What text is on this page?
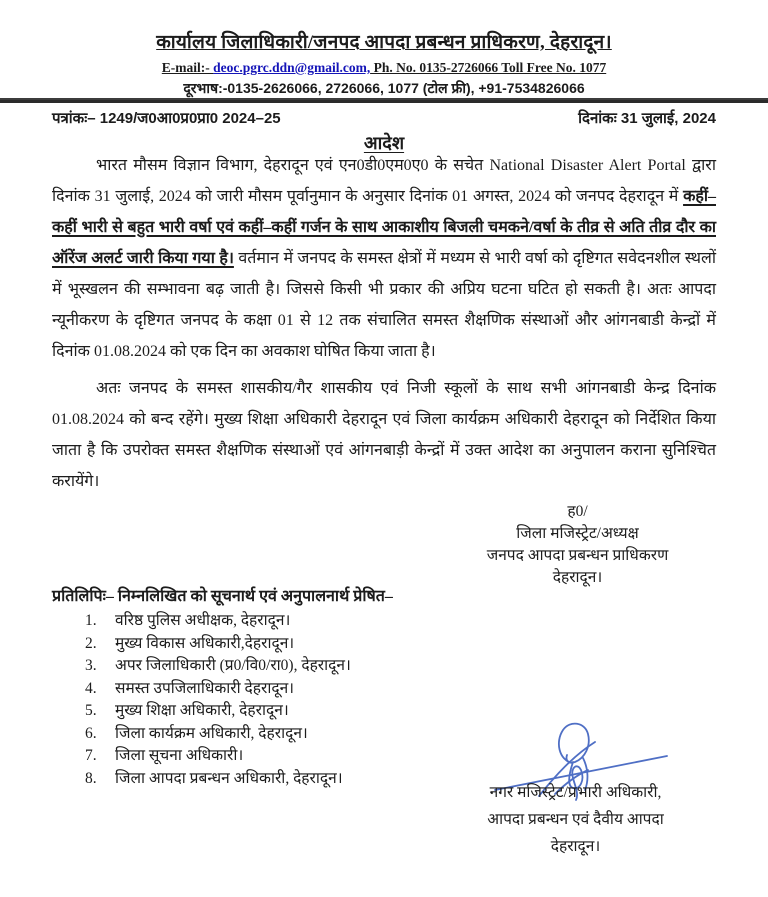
कार्यालय जिलाधिकारी/जनपद आपदा प्रबन्धन प्राधिकरण, देहरादून।
E-mail:- deoc.pgrc.ddn@gmail.com, Ph. No. 0135-2726066 Toll Free No. 1077
दूरभाष:-0135-2626066, 2726066, 1077 (टोल फ्री), +91-7534826066
पत्रांकः– 1249/ज0आ0प्र0प्रा0 2024–25	दिनांकः 31 जुलाई, 2024
आदेश

भारत मौसम विज्ञान विभाग, देहरादून एवं एन0डी0एम0ए0 के सचेत National Disaster Alert Portal द्वारा दिनांक 31 जुलाई, 2024 को जारी मौसम पूर्वानुमान के अनुसार दिनांक 01 अगस्त, 2024 को जनपद देहरादून में कहीं–कहीं भारी से बहुत भारी वर्षा एवं कहीं–कहीं गर्जन के साथ आकाशीय बिजली चमकने/वर्षा के तीव्र से अति तीव्र दौर का ऑरेंज अलर्ट जारी किया गया है। वर्तमान में जनपद के समस्त क्षेत्रों में मध्यम से भारी वर्षा को दृष्टिगत सवेदनशील स्थलों में भूस्खलन की सम्भावना बढ़ जाती है। जिससे किसी भी प्रकार की अप्रिय घटना घटित हो सकती है। अतः आपदा न्यूनीकरण के दृष्टिगत जनपद के कक्षा 01 से 12 तक संचालित समस्त शैक्षणिक संस्थाओं और आंगनबाडी केन्द्रों में दिनांक 01.08.2024 को एक दिन का अवकाश घोषित किया जाता है।

अतः जनपद के समस्त शासकीय/गैर शासकीय एवं निजी स्कूलों के साथ सभी आंगनबाडी केन्द्र दिनांक 01.08.2024 को बन्द रहेंगे। मुख्य शिक्षा अधिकारी देहरादून एवं जिला कार्यक्रम अधिकारी देहरादून को निर्देशित किया जाता है कि उपरोक्त समस्त शैक्षणिक संस्थाओं एवं आंगनबाड़ी केन्द्रों में उक्त आदेश का अनुपालन कराना सुनिश्चित करायेंगे।

ह0/
जिला मजिस्ट्रेट/अध्यक्ष
जनपद आपदा प्रबन्धन प्राधिकरण
देहरादून।
प्रतिलिपिः– निम्नलिखित को सूचनार्थ एवं अनुपालनार्थ प्रेषित–
1.	वरिष्ठ पुलिस अधीक्षक, देहरादून।
2.	मुख्य विकास अधिकारी,देहरादून।
3.	अपर जिलाधिकारी (प्र0/वि0/रा0), देहरादून।
4.	समस्त उपजिलाधिकारी देहरादून।
5.	मुख्य शिक्षा अधिकारी, देहरादून।
6.	जिला कार्यक्रम अधिकारी, देहरादून।
7.	जिला सूचना अधिकारी।
8.	जिला आपदा प्रबन्धन अधिकारी, देहरादून।
नगर मजिस्ट्रेट/प्रभारी अधिकारी,
आपदा प्रबन्धन एवं दैवीय आपदा
देहरादून।
